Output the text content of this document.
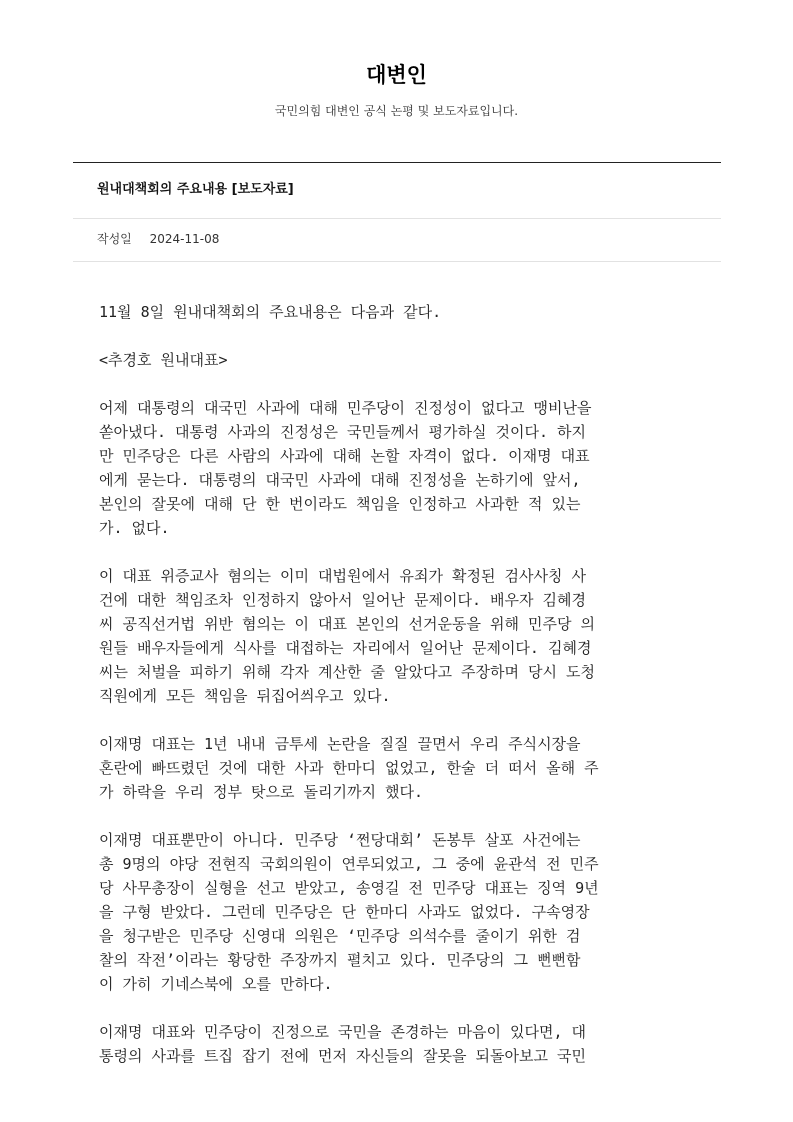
대변인

국민의힘 대변인 공식 논평 및 보도자료입니다.

원내대책회의 주요내용 [보도자료]
작성일 2024-11-08

11월 8일 원내대책회의 주요내용은 다음과 같다.

<추경호 원내대표>

어제 대통령의 대국민 사과에 대해 민주당이 진정성이 없다고 맹비난을
쏟아냈다. 대통령 사과의 진정성은 국민들께서 평가하실 것이다. 하지
만 민주당은 다른 사람의 사과에 대해 논할 자격이 없다. 이재명 대표
에게 묻는다. 대통령의 대국민 사과에 대해 진정성을 논하기에 앞서,
본인의 잘못에 대해 단 한 번이라도 책임을 인정하고 사과한 적 있는
가. 없다.

이 대표 위증교사 혐의는 이미 대법원에서 유죄가 확정된 검사사칭 사
건에 대한 책임조차 인정하지 않아서 일어난 문제이다. 배우자 김혜경
씨 공직선거법 위반 혐의는 이 대표 본인의 선거운동을 위해 민주당 의
원들 배우자들에게 식사를 대접하는 자리에서 일어난 문제이다. 김혜경
씨는 처벌을 피하기 위해 각자 계산한 줄 알았다고 주장하며 당시 도청
직원에게 모든 책임을 뒤집어씌우고 있다.

이재명 대표는 1년 내내 금투세 논란을 질질 끌면서 우리 주식시장을
혼란에 빠뜨렸던 것에 대한 사과 한마디 없었고, 한술 더 떠서 올해 주
가 하락을 우리 정부 탓으로 돌리기까지 했다.

이재명 대표뿐만이 아니다. 민주당 ‘쩐당대회’ 돈봉투 살포 사건에는
총 9명의 야당 전현직 국회의원이 연루되었고, 그 중에 윤관석 전 민주
당 사무총장이 실형을 선고 받았고, 송영길 전 민주당 대표는 징역 9년
을 구형 받았다. 그런데 민주당은 단 한마디 사과도 없었다. 구속영장
을 청구받은 민주당 신영대 의원은 ‘민주당 의석수를 줄이기 위한 검
찰의 작전’이라는 황당한 주장까지 펼치고 있다. 민주당의 그 뻔뻔함
이 가히 기네스북에 오를 만하다.

이재명 대표와 민주당이 진정으로 국민을 존경하는 마음이 있다면, 대
통령의 사과를 트집 잡기 전에 먼저 자신들의 잘못을 되돌아보고 국민
